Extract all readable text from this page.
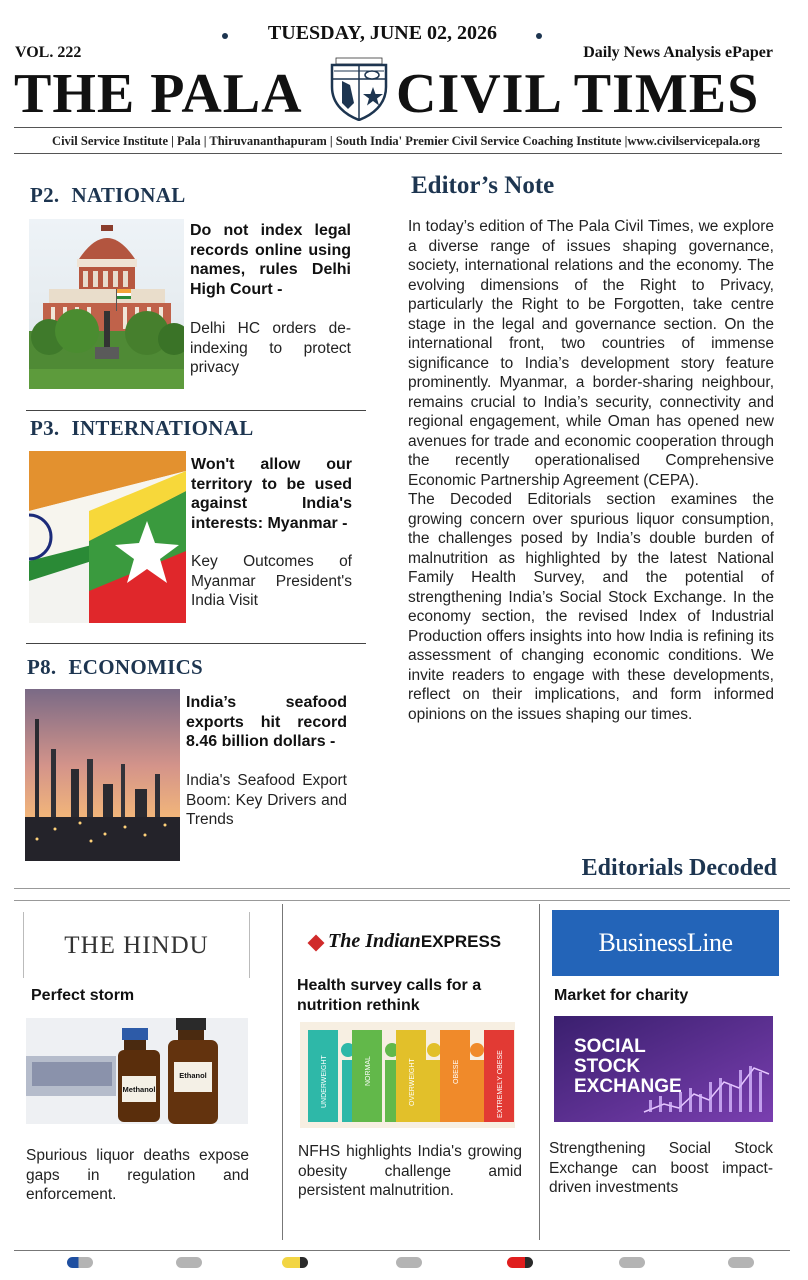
TUESDAY, JUNE 02, 2026
VOL. 222	Daily News Analysis ePaper
THE PALA CIVIL TIMES
Civil Service Institute | Pala | Thiruvananthapuram | South India' Premier Civil Service Coaching Institute |www.civilservicepala.org
P2. NATIONAL
Do not index legal records online using names, rules Delhi High Court -
Delhi HC orders de-indexing to protect privacy
P3. INTERNATIONAL
Won't allow our territory to be used against India's interests: Myanmar -
Key Outcomes of Myanmar President's India Visit
P8. ECONOMICS
India’s seafood exports hit record 8.46 billion dollars -
India's Seafood Export Boom: Key Drivers and Trends
Editor’s Note

In today’s edition of The Pala Civil Times, we explore a diverse range of issues shaping governance, society, international relations and the economy. The evolving dimensions of the Right to Privacy, particularly the Right to be Forgotten, take centre stage in the legal and governance section. On the international front, two countries of immense significance to India’s development story feature prominently. Myanmar, a border-sharing neighbour, remains crucial to India’s security, connectivity and regional engagement, while Oman has opened new avenues for trade and economic cooperation through the recently operationalised Comprehensive Economic Partnership Agreement (CEPA).

The Decoded Editorials section examines the growing concern over spurious liquor consumption, the challenges posed by India’s double burden of malnutrition as highlighted by the latest National Family Health Survey, and the potential of strengthening India’s Social Stock Exchange. In the economy section, the revised Index of Industrial Production offers insights into how India is refining its assessment of changing economic conditions. We invite readers to engage with these developments, reflect on their implications, and form informed opinions on the issues shaping our times.

Editorials Decoded
THE HINDU
Perfect storm
Methanol
Ethanol
Spurious liquor deaths expose gaps in regulation and enforcement.
The IndianEXPRESS
Health survey calls for a nutrition rethink
UNDERWEIGHT	NORMAL	OVERWEIGHT	OBESE	EXTREMELY OBESE
NFHS highlights India's growing obesity challenge amid persistent malnutrition.
BusinessLine
Market for charity
SOCIAL
STOCK
EXCHANGE
Strengthening Social Stock Exchange can boost impact-driven investments
